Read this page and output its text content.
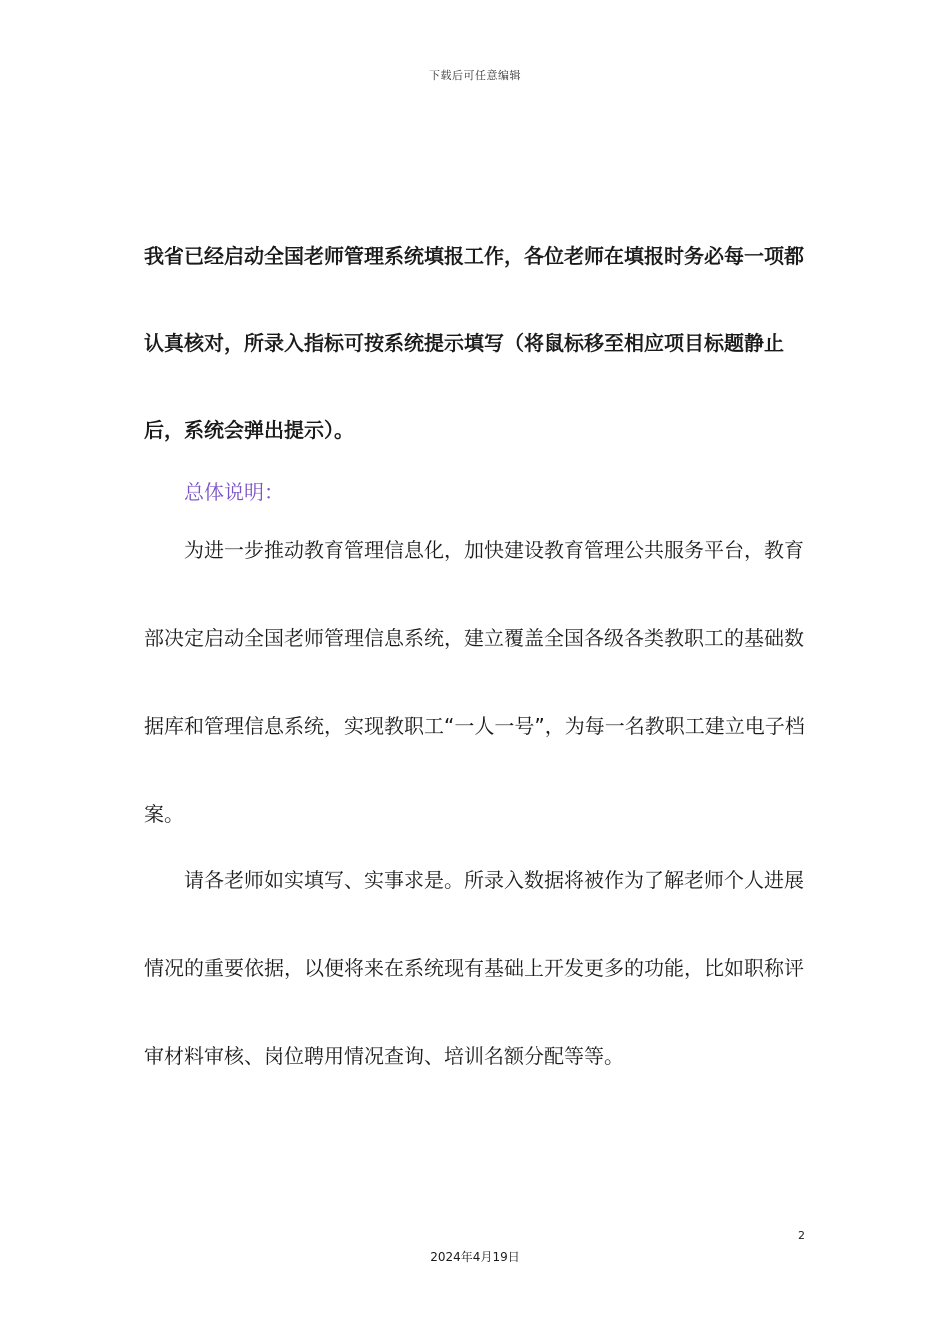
下载后可任意编辑

我省已经启动全国老师管理系统填报工作，各位老师在填报时务必每一项都认真核对，所录入指标可按系统提示填写（将鼠标移至相应项目标题静止后，系统会弹出提示）。

总体说明：

为进一步推动教育管理信息化，加快建设教育管理公共服务平台，教育部决定启动全国老师管理信息系统，建立覆盖全国各级各类教职工的基础数据库和管理信息系统，实现教职工“一人一号”，为每一名教职工建立电子档案。

请各老师如实填写、实事求是。所录入数据将被作为了解老师个人进展情况的重要依据，以便将来在系统现有基础上开发更多的功能，比如职称评审材料审核、岗位聘用情况查询、培训名额分配等等。

2
2024年4月19日
